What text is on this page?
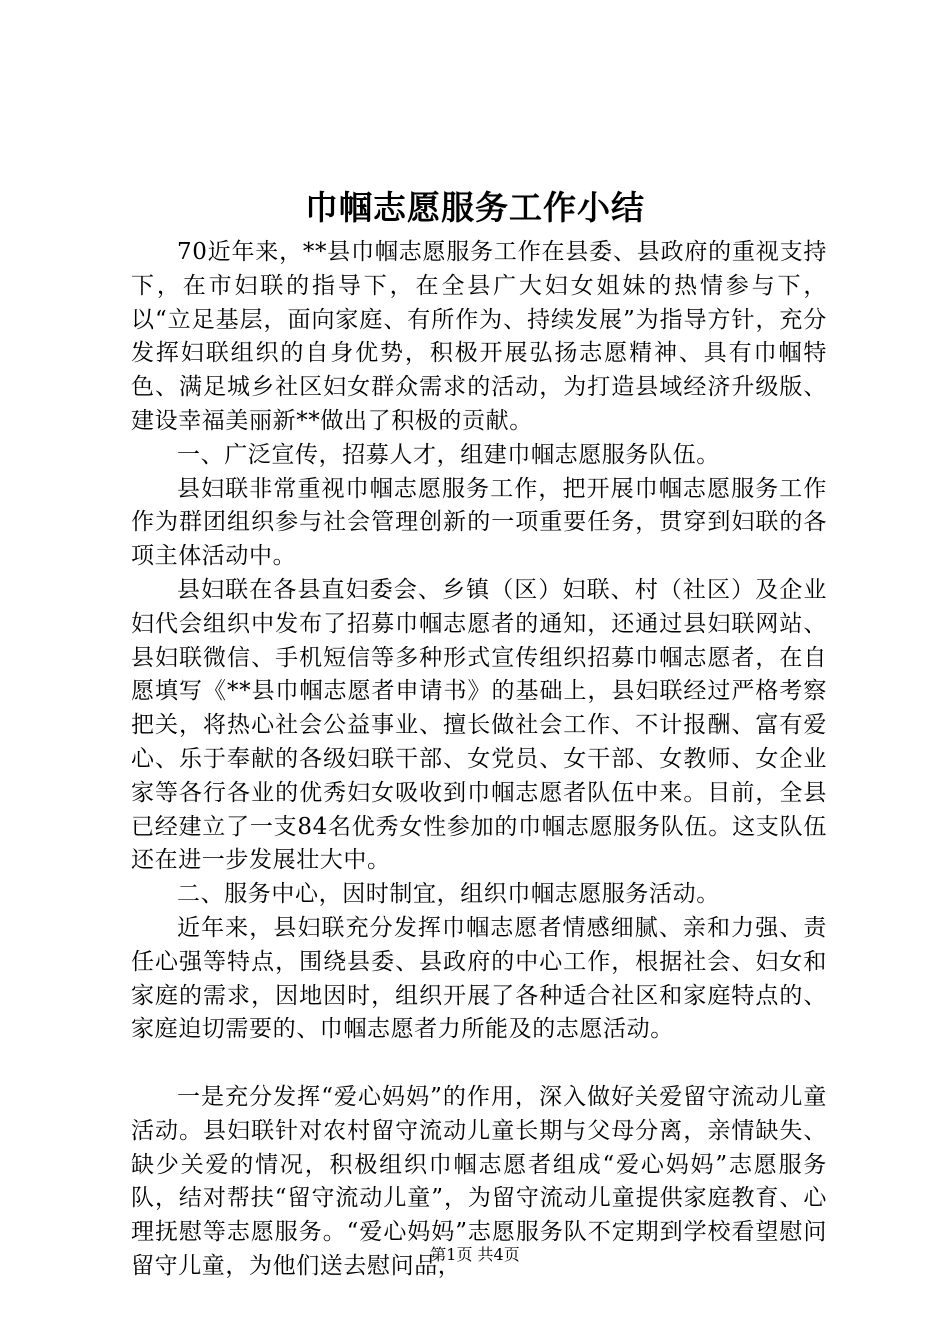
巾帼志愿服务工作小结

70近年来，**县巾帼志愿服务工作在县委、县政府的重视支持下，在市妇联的指导下，在全县广大妇女姐妹的热情参与下，以“立足基层，面向家庭、有所作为、持续发展”为指导方针，充分发挥妇联组织的自身优势，积极开展弘扬志愿精神、具有巾帼特色、满足城乡社区妇女群众需求的活动，为打造县域经济升级版、建设幸福美丽新**做出了积极的贡献。

一、广泛宣传，招募人才，组建巾帼志愿服务队伍。

县妇联非常重视巾帼志愿服务工作，把开展巾帼志愿服务工作作为群团组织参与社会管理创新的一项重要任务，贯穿到妇联的各项主体活动中。

县妇联在各县直妇委会、乡镇（区）妇联、村（社区）及企业妇代会组织中发布了招募巾帼志愿者的通知，还通过县妇联网站、县妇联微信、手机短信等多种形式宣传组织招募巾帼志愿者，在自愿填写《**县巾帼志愿者申请书》的基础上，县妇联经过严格考察把关，将热心社会公益事业、擅长做社会工作、不计报酬、富有爱心、乐于奉献的各级妇联干部、女党员、女干部、女教师、女企业家等各行各业的优秀妇女吸收到巾帼志愿者队伍中来。目前，全县已经建立了一支84名优秀女性参加的巾帼志愿服务队伍。这支队伍还在进一步发展壮大中。

二、服务中心，因时制宜，组织巾帼志愿服务活动。

近年来，县妇联充分发挥巾帼志愿者情感细腻、亲和力强、责任心强等特点，围绕县委、县政府的中心工作，根据社会、妇女和家庭的需求，因地因时，组织开展了各种适合社区和家庭特点的、家庭迫切需要的、巾帼志愿者力所能及的志愿活动。

一是充分发挥“爱心妈妈”的作用，深入做好关爱留守流动儿童活动。县妇联针对农村留守流动儿童长期与父母分离，亲情缺失、缺少关爱的情况，积极组织巾帼志愿者组成“爱心妈妈”志愿服务队，结对帮扶“留守流动儿童”，为留守流动儿童提供家庭教育、心理抚慰等志愿服务。“爱心妈妈”志愿服务队不定期到学校看望慰问留守儿童，为他们送去慰问品，

第1页 共4页
